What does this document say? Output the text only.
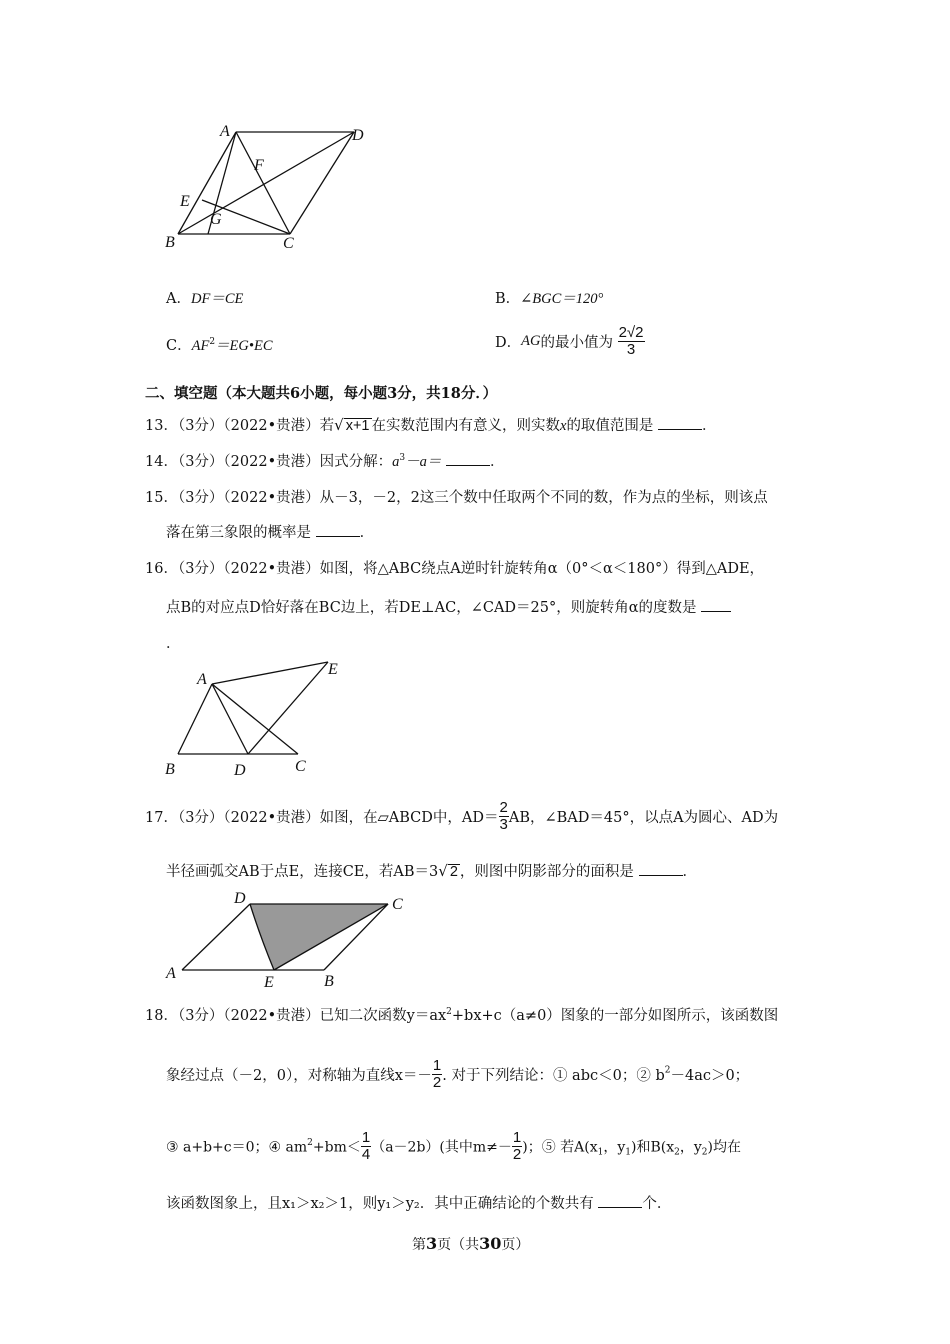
A	D
F
E
G
B	C
A．DF＝CE	B．∠BGC＝120°
C．$AF^2=EG•EC$	D．AG的最小值为 $\frac{2√2}{3}$
二、填空题（本大题共6小题，每小题3分，共18分．）
13．（3分）（2022•贵港）若√ x+1 在实数范围内有意义，则实数x的取值范围是	．
14．（3分）（2022•贵港）因式分解：$a^3-a=$	．
15．（3分）（2022•贵港）从－3，－2，2这三个数中任取两个不同的数，作为点的坐标，则该点
落在第三象限的概率是	．
16．（3分）（2022•贵港）如图，将△ABC绕点A逆时针旋转角α（0°＜α＜180°）得到△ADE，
点B的对应点D恰好落在BC边上，若DE⊥AC，∠CAD＝25°，则旋转角α的度数是
．
A
E
B	D	C
17．（3分）（2022•贵港）如图，在▱ABCD中，$AD= \frac{2}{3}$ AB，∠BAD＝45°，以点A为圆心、AD为
半径画弧交AB于点E，连接CE，若AB＝3√ 2 ，则图中阴影部分的面积是	．
D	C
A
E	B
18．（3分）（2022•贵港）已知二次函数$y=ax^2+bx+c(a\ne 0)$图象的一部分如图所示，该函数图
象经过点（－2，0），对称轴为直线$x=- \frac{1}{2}$ . 对于下列结论：① abc＜0；② $b^2-4ac>0$；
③ a+b+c＝0；④ $am^2+bm< \frac{1}{4} (a-2b)$(其中$m\ne- \frac{1}{2}$ )；⑤ 若$A(x_1$，$y_1$)和$B(x_2$，$y_2$)均在
该函数图象上，且x₁＞x₂＞1，则y₁＞y₂．其中正确结论的个数共有	个．
第3页（共30页）
